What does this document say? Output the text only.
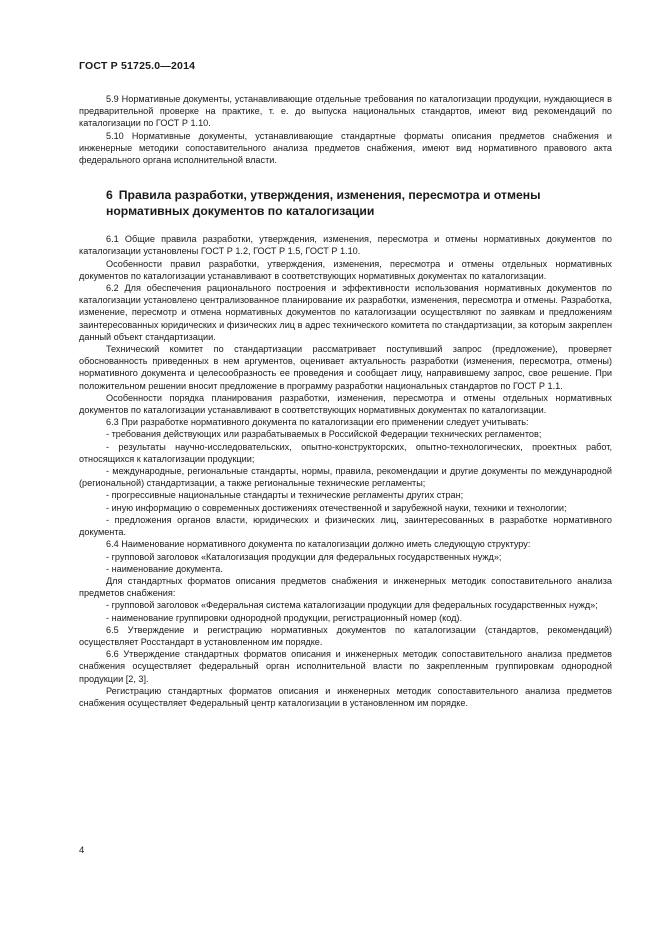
ГОСТ Р 51725.0—2014

5.9 Нормативные документы, устанавливающие отдельные требования по каталогизации продукции, нуждающиеся в предварительной проверке на практике, т. е. до выпуска национальных стандартов, имеют вид рекомендаций по каталогизации по ГОСТ Р 1.10.

5.10 Нормативные документы, устанавливающие стандартные форматы описания предметов снабжения и инженерные методики сопоставительного анализа предметов снабжения, имеют вид нормативного правового акта федерального органа исполнительной власти.

6 Правила разработки, утверждения, изменения, пересмотра и отмены нормативных документов по каталогизации

6.1 Общие правила разработки, утверждения, изменения, пересмотра и отмены нормативных документов по каталогизации установлены ГОСТ Р 1.2, ГОСТ Р 1.5, ГОСТ Р 1.10.

Особенности правил разработки, утверждения, изменения, пересмотра и отмены отдельных нормативных документов по каталогизации устанавливают в соответствующих нормативных документах по каталогизации.

6.2 Для обеспечения рационального построения и эффективности использования нормативных документов по каталогизации установлено централизованное планирование их разработки, изменения, пересмотра и отмены. Разработка, изменение, пересмотр и отмена нормативных документов по каталогизации осуществляют по заявкам и предложениям заинтересованных юридических и физических лиц в адрес технического комитета по стандартизации, за которым закреплен данный объект стандартизации.

Технический комитет по стандартизации рассматривает поступивший запрос (предложение), проверяет обоснованность приведенных в нем аргументов, оценивает актуальность разработки (изменения, пересмотра, отмены) нормативного документа и целесообразность ее проведения и сообщает лицу, направившему запрос, свое решение. При положительном решении вносит предложение в программу разработки национальных стандартов по ГОСТ Р 1.1.

Особенности порядка планирования разработки, изменения, пересмотра и отмены отдельных нормативных документов по каталогизации устанавливают в соответствующих нормативных документах по каталогизации.

6.3 При разработке нормативного документа по каталогизации его применении следует учитывать:

- требования действующих или разрабатываемых в Российской Федерации технических регламентов;

- результаты научно-исследовательских, опытно-конструкторских, опытно-технологических, проектных работ, относящихся к каталогизации продукции;

- международные, региональные стандарты, нормы, правила, рекомендации и другие документы по международной (региональной) стандартизации, а также региональные технические регламенты;

- прогрессивные национальные стандарты и технические регламенты других стран;

- иную информацию о современных достижениях отечественной и зарубежной науки, техники и технологии;

- предложения органов власти, юридических и физических лиц, заинтересованных в разработке нормативного документа.

6.4 Наименование нормативного документа по каталогизации должно иметь следующую структуру:

- групповой заголовок «Каталогизация продукции для федеральных государственных нужд»;

- наименование документа.

Для стандартных форматов описания предметов снабжения и инженерных методик сопоставительного анализа предметов снабжения:

- групповой заголовок «Федеральная система каталогизации продукции для федеральных государственных нужд»;

- наименование группировки однородной продукции, регистрационный номер (код).

6.5 Утверждение и регистрацию нормативных документов по каталогизации (стандартов, рекомендаций) осуществляет Росстандарт в установленном им порядке.

6.6 Утверждение стандартных форматов описания и инженерных методик сопоставительного анализа предметов снабжения осуществляет федеральный орган исполнительной власти по закрепленным группировкам однородной продукции [2, 3].

Регистрацию стандартных форматов описания и инженерных методик сопоставительного анализа предметов снабжения осуществляет Федеральный центр каталогизации в установленном им порядке.

4
